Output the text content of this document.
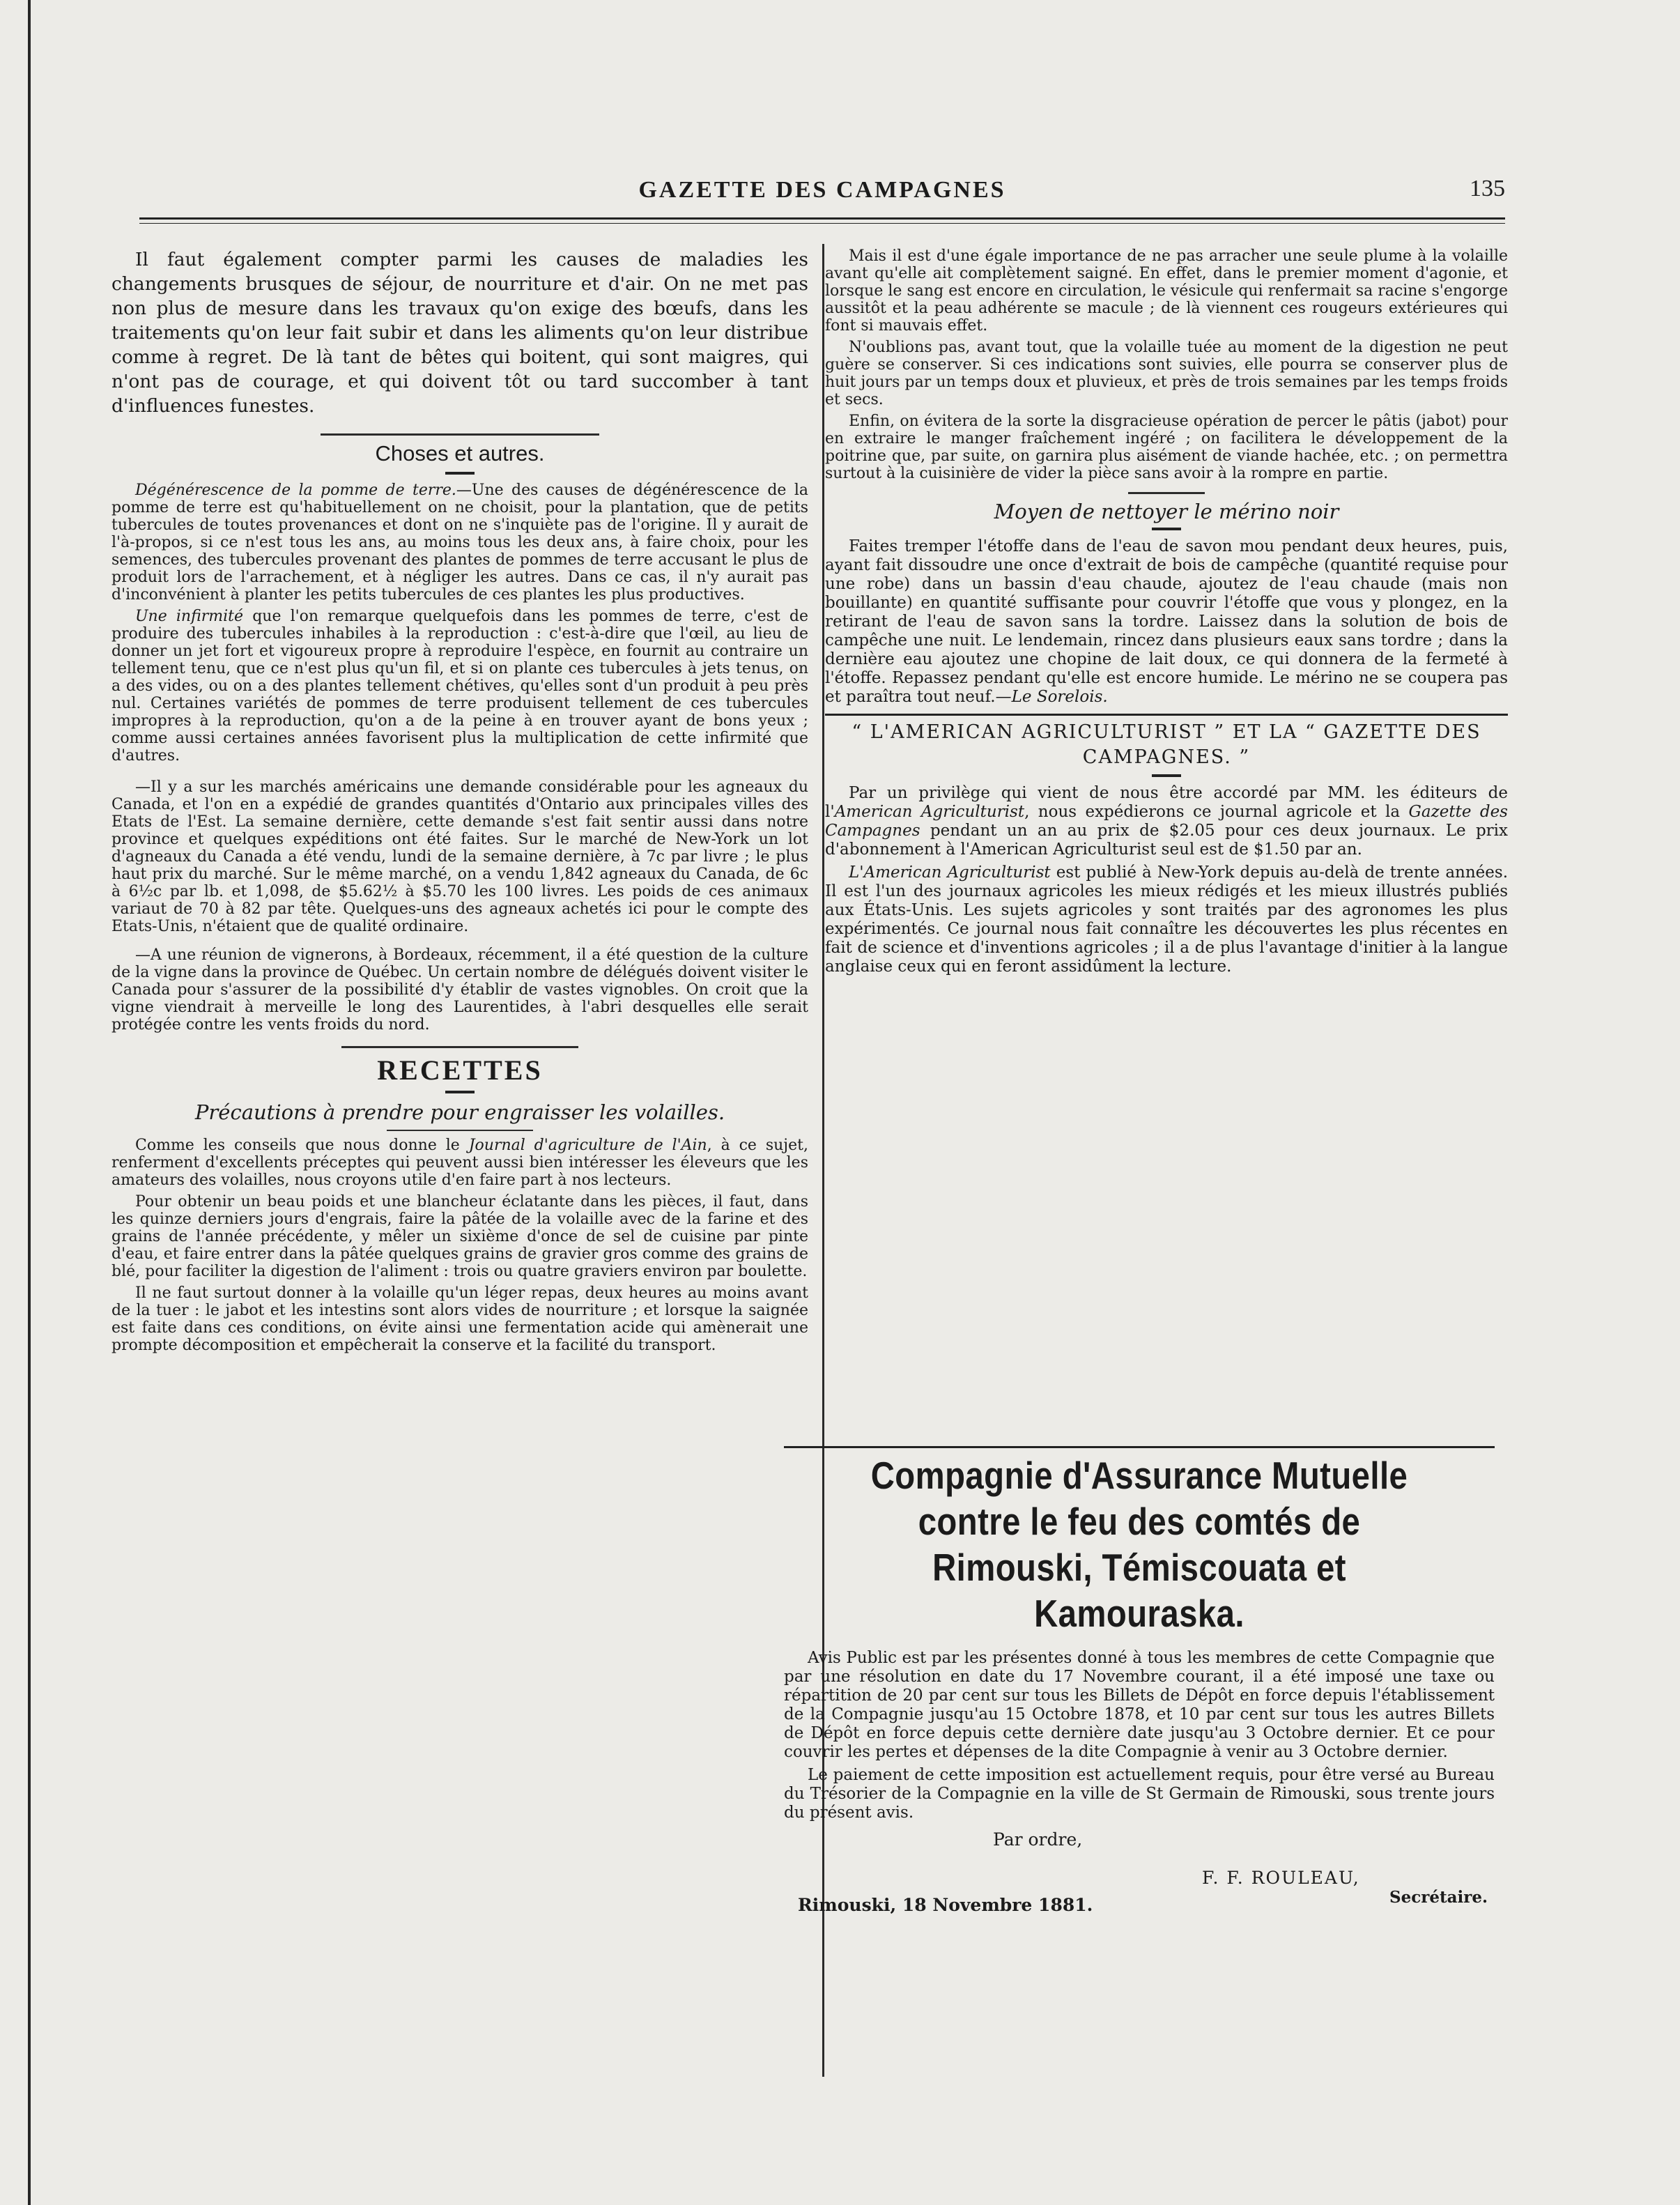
GAZETTE DES CAMPAGNES	135

Il faut également compter parmi les causes de maladies les changements brusques de séjour, de nourriture et d'air. On ne met pas non plus de mesure dans les travaux qu'on exige des bœufs, dans les traitements qu'on leur fait subir et dans les aliments qu'on leur distribue comme à regret. De là tant de bêtes qui boitent, qui sont maigres, qui n'ont pas de courage, et qui doivent tôt ou tard succomber à tant d'influences funestes.

Choses et autres.

Dégénérescence de la pomme de terre.—Une des causes de dégénérescence de la pomme de terre est qu'habituellement on ne choisit, pour la plantation, que de petits tubercules de toutes provenances et dont on ne s'inquiète pas de l'origine. Il y aurait de l'à-propos, si ce n'est tous les ans, au moins tous les deux ans, à faire choix, pour les semences, des tubercules provenant des plantes de pommes de terre accusant le plus de produit lors de l'arrachement, et à négliger les autres. Dans ce cas, il n'y aurait pas d'inconvénient à planter les petits tubercules de ces plantes les plus productives.

Une infirmité que l'on remarque quelquefois dans les pommes de terre, c'est de produire des tubercules inhabiles à la reproduction : c'est-à-dire que l'œil, au lieu de donner un jet fort et vigoureux propre à reproduire l'espèce, en fournit au contraire un tellement tenu, que ce n'est plus qu'un fil, et si on plante ces tubercules à jets tenus, on a des vides, ou on a des plantes tellement chétives, qu'elles sont d'un produit à peu près nul. Certaines variétés de pommes de terre produisent tellement de ces tubercules impropres à la reproduction, qu'on a de la peine à en trouver ayant de bons yeux ; comme aussi certaines années favorisent plus la multiplication de cette infirmité que d'autres.

—Il y a sur les marchés américains une demande considérable pour les agneaux du Canada, et l'on en a expédié de grandes quantités d'Ontario aux principales villes des Etats de l'Est. La semaine dernière, cette demande s'est fait sentir aussi dans notre province et quelques expéditions ont été faites. Sur le marché de New-York un lot d'agneaux du Canada a été vendu, lundi de la semaine dernière, à 7c par livre ; le plus haut prix du marché. Sur le même marché, on a vendu 1,842 agneaux du Canada, de 6c à 6½c par lb. et 1,098, de $5.62½ à $5.70 les 100 livres. Les poids de ces animaux variaut de 70 à 82 par tête. Quelques-uns des agneaux achetés ici pour le compte des Etats-Unis, n'étaient que de qualité ordinaire.

—A une réunion de vignerons, à Bordeaux, récemment, il a été question de la culture de la vigne dans la province de Québec. Un certain nombre de délégués doivent visiter le Canada pour s'assurer de la possibilité d'y établir de vastes vignobles. On croit que la vigne viendrait à merveille le long des Laurentides, à l'abri desquelles elle serait protégée contre les vents froids du nord.

RECETTES
Précautions à prendre pour engraisser les volailles.

Comme les conseils que nous donne le Journal d'agriculture de l'Ain, à ce sujet, renferment d'excellents préceptes qui peuvent aussi bien intéresser les éleveurs que les amateurs des volailles, nous croyons utile d'en faire part à nos lecteurs.

Pour obtenir un beau poids et une blancheur éclatante dans les pièces, il faut, dans les quinze derniers jours d'engrais, faire la pâtée de la volaille avec de la farine et des grains de l'année précédente, y mêler un sixième d'once de sel de cuisine par pinte d'eau, et faire entrer dans la pâtée quelques grains de gravier gros comme des grains de blé, pour faciliter la digestion de l'aliment : trois ou quatre graviers environ par boulette.

Il ne faut surtout donner à la volaille qu'un léger repas, deux heures au moins avant de la tuer : le jabot et les intestins sont alors vides de nourriture ; et lorsque la saignée est faite dans ces conditions, on évite ainsi une fermentation acide qui amènerait une prompte décomposition et empêcherait la conserve et la facilité du transport.

Mais il est d'une égale importance de ne pas arracher une seule plume à la volaille avant qu'elle ait complètement saigné. En effet, dans le premier moment d'agonie, et lorsque le sang est encore en circulation, le vésicule qui renfermait sa racine s'engorge aussitôt et la peau adhérente se macule ; de là viennent ces rougeurs extérieures qui font si mauvais effet.

N'oublions pas, avant tout, que la volaille tuée au moment de la digestion ne peut guère se conserver. Si ces indications sont suivies, elle pourra se conserver plus de huit jours par un temps doux et pluvieux, et près de trois semaines par les temps froids et secs.

Enfin, on évitera de la sorte la disgracieuse opération de percer le pâtis (jabot) pour en extraire le manger fraîchement ingéré ; on facilitera le développement de la poitrine que, par suite, on garnira plus aisément de viande hachée, etc. ; on permettra surtout à la cuisinière de vider la pièce sans avoir à la rompre en partie.

Moyen de nettoyer le mérino noir

Faites tremper l'étoffe dans de l'eau de savon mou pendant deux heures, puis, ayant fait dissoudre une once d'extrait de bois de campêche (quantité requise pour une robe) dans un bassin d'eau chaude, ajoutez de l'eau chaude (mais non bouillante) en quantité suffisante pour couvrir l'étoffe que vous y plongez, en la retirant de l'eau de savon sans la tordre. Laissez dans la solution de bois de campêche une nuit. Le lendemain, rincez dans plusieurs eaux sans tordre ; dans la dernière eau ajoutez une chopine de lait doux, ce qui donnera de la fermeté à l'étoffe. Repassez pendant qu'elle est encore humide. Le mérino ne se coupera pas et paraîtra tout neuf.—Le Sorelois.

“ L'AMERICAN AGRICULTURIST ” ET LA “ GAZETTE DES CAMPAGNES. ”

Par un privilège qui vient de nous être accordé par MM. les éditeurs de l'American Agriculturist, nous expédierons ce journal agricole et la Gazette des Campagnes pendant un an au prix de $2.05 pour ces deux journaux. Le prix d'abonnement à l'American Agriculturist seul est de $1.50 par an.

L'American Agriculturist est publié à New-York depuis au-delà de trente années. Il est l'un des journaux agricoles les mieux rédigés et les mieux illustrés publiés aux États-Unis. Les sujets agricoles y sont traités par des agronomes les plus expérimentés. Ce journal nous fait connaître les découvertes les plus récentes en fait de science et d'inventions agricoles ; il a de plus l'avantage d'initier à la langue anglaise ceux qui en feront assidûment la lecture.

Compagnie d'Assurance Mutuelle contre le feu des comtés de Rimouski, Témiscouata et Kamouraska.

Avis Public est par les présentes donné à tous les membres de cette Compagnie que par une résolution en date du 17 Novembre courant, il a été imposé une taxe ou répartition de 20 par cent sur tous les Billets de Dépôt en force depuis l'établissement de la Compagnie jusqu'au 15 Octobre 1878, et 10 par cent sur tous les autres Billets de Dépôt en force depuis cette dernière date jusqu'au 3 Octobre dernier. Et ce pour couvrir les pertes et dépenses de la dite Compagnie à venir au 3 Octobre dernier.

Le paiement de cette imposition est actuellement requis, pour être versé au Bureau du Trésorier de la Compagnie en la ville de St Germain de Rimouski, sous trente jours du présent avis.

Par ordre,
F. F. ROULEAU,
Rimouski, 18 Novembre 1881.	Secrétaire.
